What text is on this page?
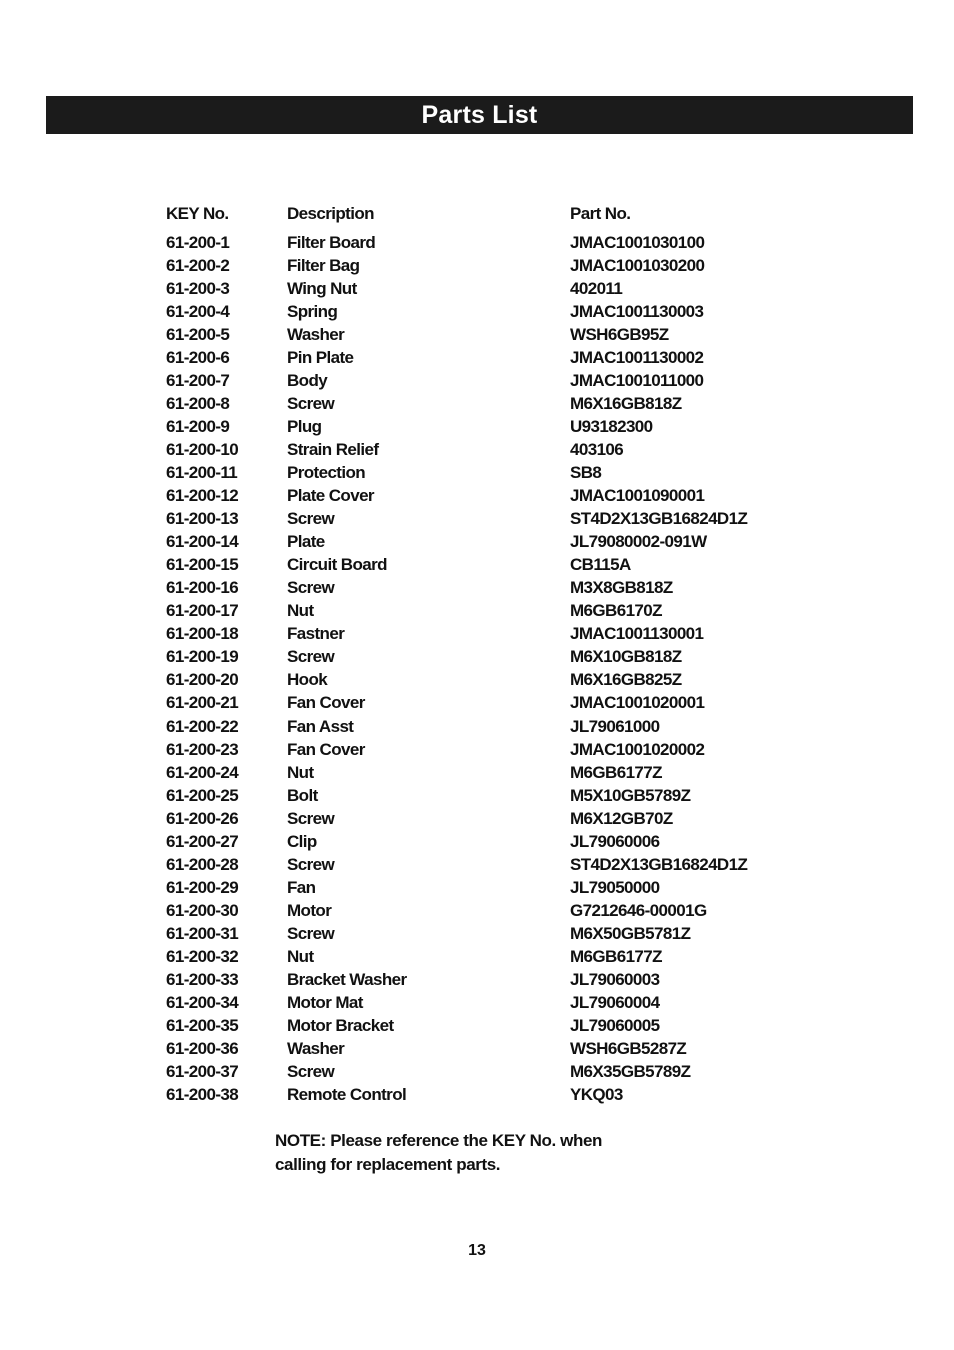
Parts List
KEY No.	Description	Part No.
61-200-1	Filter Board	JMAC1001030100
61-200-2	Filter Bag	JMAC1001030200
61-200-3	Wing Nut	402011
61-200-4	Spring	JMAC1001130003
61-200-5	Washer	WSH6GB95Z
61-200-6	Pin Plate	JMAC1001130002
61-200-7	Body	JMAC1001011000
61-200-8	Screw	M6X16GB818Z
61-200-9	Plug	U93182300
61-200-10	Strain Relief	403106
61-200-11	Protection	SB8
61-200-12	Plate Cover	JMAC1001090001
61-200-13	Screw	ST4D2X13GB16824D1Z
61-200-14	Plate	JL79080002-091W
61-200-15	Circuit Board	CB115A
61-200-16	Screw	M3X8GB818Z
61-200-17	Nut	M6GB6170Z
61-200-18	Fastner	JMAC1001130001
61-200-19	Screw	M6X10GB818Z
61-200-20	Hook	M6X16GB825Z
61-200-21	Fan Cover	JMAC1001020001
61-200-22	Fan Asst	JL79061000
61-200-23	Fan Cover	JMAC1001020002
61-200-24	Nut	M6GB6177Z
61-200-25	Bolt	M5X10GB5789Z
61-200-26	Screw	M6X12GB70Z
61-200-27	Clip	JL79060006
61-200-28	Screw	ST4D2X13GB16824D1Z
61-200-29	Fan	JL79050000
61-200-30	Motor	G7212646-00001G
61-200-31	Screw	M6X50GB5781Z
61-200-32	Nut	M6GB6177Z
61-200-33	Bracket Washer	JL79060003
61-200-34	Motor Mat	JL79060004
61-200-35	Motor Bracket	JL79060005
61-200-36	Washer	WSH6GB5287Z
61-200-37	Screw	M6X35GB5789Z
61-200-38	Remote Control	YKQ03
NOTE: Please reference the KEY No. when
calling for replacement parts.
13
